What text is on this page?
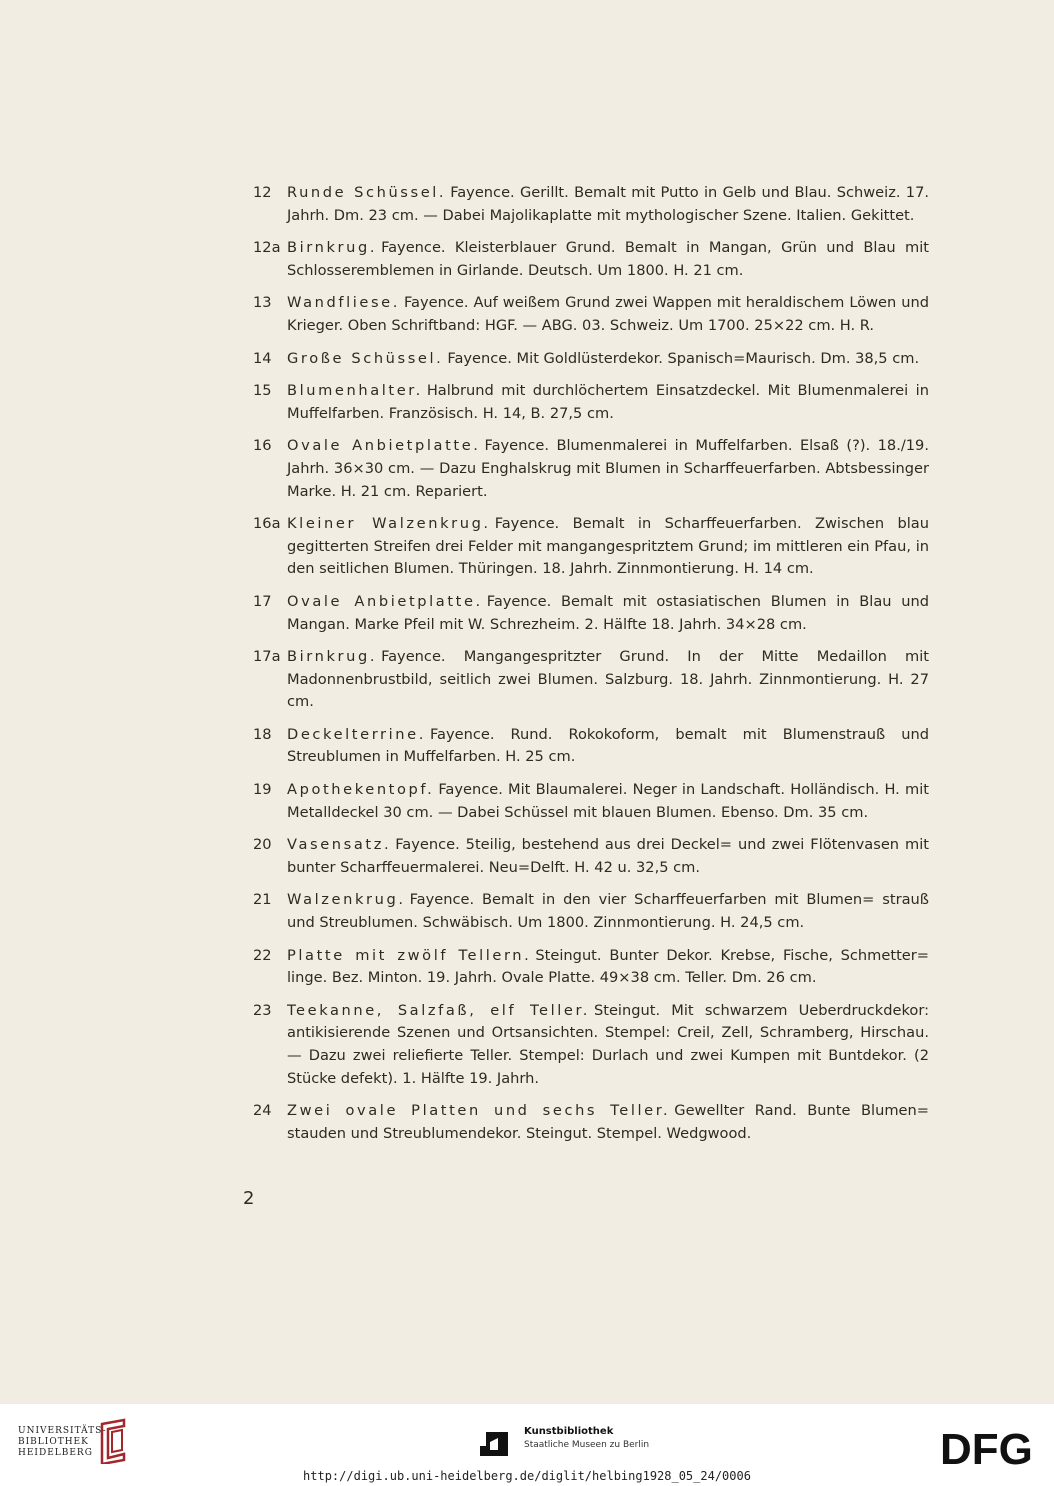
12	Runde Schüssel. Fayence. Gerillt. Bemalt mit Putto in Gelb und Blau. Schweiz. 17. Jahrh. Dm. 23 cm. — Dabei Majolikaplatte mit mythologischer Szene. Italien. Gekittet.
12a Birnkrug. Fayence. Kleisterblauer Grund. Bemalt in Mangan, Grün und Blau mit Schlosseremblemen in Girlande. Deutsch. Um 1800. H. 21 cm.
13	Wandfliese. Fayence. Auf weißem Grund zwei Wappen mit heraldischem Löwen und Krieger. Oben Schriftband: HGF. — ABG. 03. Schweiz. Um 1700. 25×22 cm. H. R.
14	Große Schüssel. Fayence. Mit Goldlüsterdekor. Spanisch=Maurisch. Dm. 38,5 cm.
15	Blumenhalter. Halbrund mit durchlöchertem Einsatzdeckel. Mit Blumenmalerei in Muffelfarben. Französisch. H. 14, B. 27,5 cm.
16	Ovale Anbietplatte. Fayence. Blumenmalerei in Muffelfarben. Elsaß (?). 18./19. Jahrh. 36×30 cm. — Dazu Enghalskrug mit Blumen in Scharffeuerfarben. Abtsbessinger Marke. H. 21 cm. Repariert.
16a Kleiner Walzenkrug. Fayence. Bemalt in Scharffeuerfarben. Zwischen blau gegitterten Streifen drei Felder mit mangangespritztem Grund; im mittleren ein Pfau, in den seitlichen Blumen. Thüringen. 18. Jahrh. Zinnmontierung. H. 14 cm.
17	Ovale Anbietplatte. Fayence. Bemalt mit ostasiatischen Blumen in Blau und Mangan. Marke Pfeil mit W. Schrezheim. 2. Hälfte 18. Jahrh. 34×28 cm.
17a Birnkrug. Fayence. Mangangespritzter Grund. In der Mitte Medaillon mit Madonnenbrustbild, seitlich zwei Blumen. Salzburg. 18. Jahrh. Zinnmontierung. H. 27 cm.
18	Deckelterrine. Fayence. Rund. Rokokoform, bemalt mit Blumenstrauß und Streublumen in Muffelfarben. H. 25 cm.
19	Apothekentopf. Fayence. Mit Blaumalerei. Neger in Landschaft. Holländisch. H. mit Metalldeckel 30 cm. — Dabei Schüssel mit blauen Blumen. Ebenso. Dm. 35 cm.
20	Vasensatz. Fayence. 5teilig, bestehend aus drei Deckel= und zwei Flötenvasen mit bunter Scharffeuermalerei. Neu=Delft. H. 42 u. 32,5 cm.
21	Walzenkrug. Fayence. Bemalt in den vier Scharffeuerfarben mit Blumen= strauß und Streublumen. Schwäbisch. Um 1800. Zinnmontierung. H. 24,5 cm.
22	Platte mit zwölf Tellern. Steingut. Bunter Dekor. Krebse, Fische, Schmetter= linge. Bez. Minton. 19. Jahrh. Ovale Platte. 49×38 cm. Teller. Dm. 26 cm.
23	Teekanne, Salzfaß, elf Teller. Steingut. Mit schwarzem Ueberdruckdekor: antikisierende Szenen und Ortsansichten. Stempel: Creil, Zell, Schramberg, Hirschau. — Dazu zwei reliefierte Teller. Stempel: Durlach und zwei Kumpen mit Buntdekor. (2 Stücke defekt). 1. Hälfte 19. Jahrh.
24	Zwei ovale Platten und sechs Teller. Gewellter Rand. Bunte Blumen= stauden und Streublumendekor. Steingut. Stempel. Wedgwood.
2
UNIVERSITÄTS-
BIBLIOTHEK
HEIDELBERG
Kunstbibliothek
Staatliche Museen zu Berlin	DFG
http://digi.ub.uni-heidelberg.de/diglit/helbing1928_05_24/0006
